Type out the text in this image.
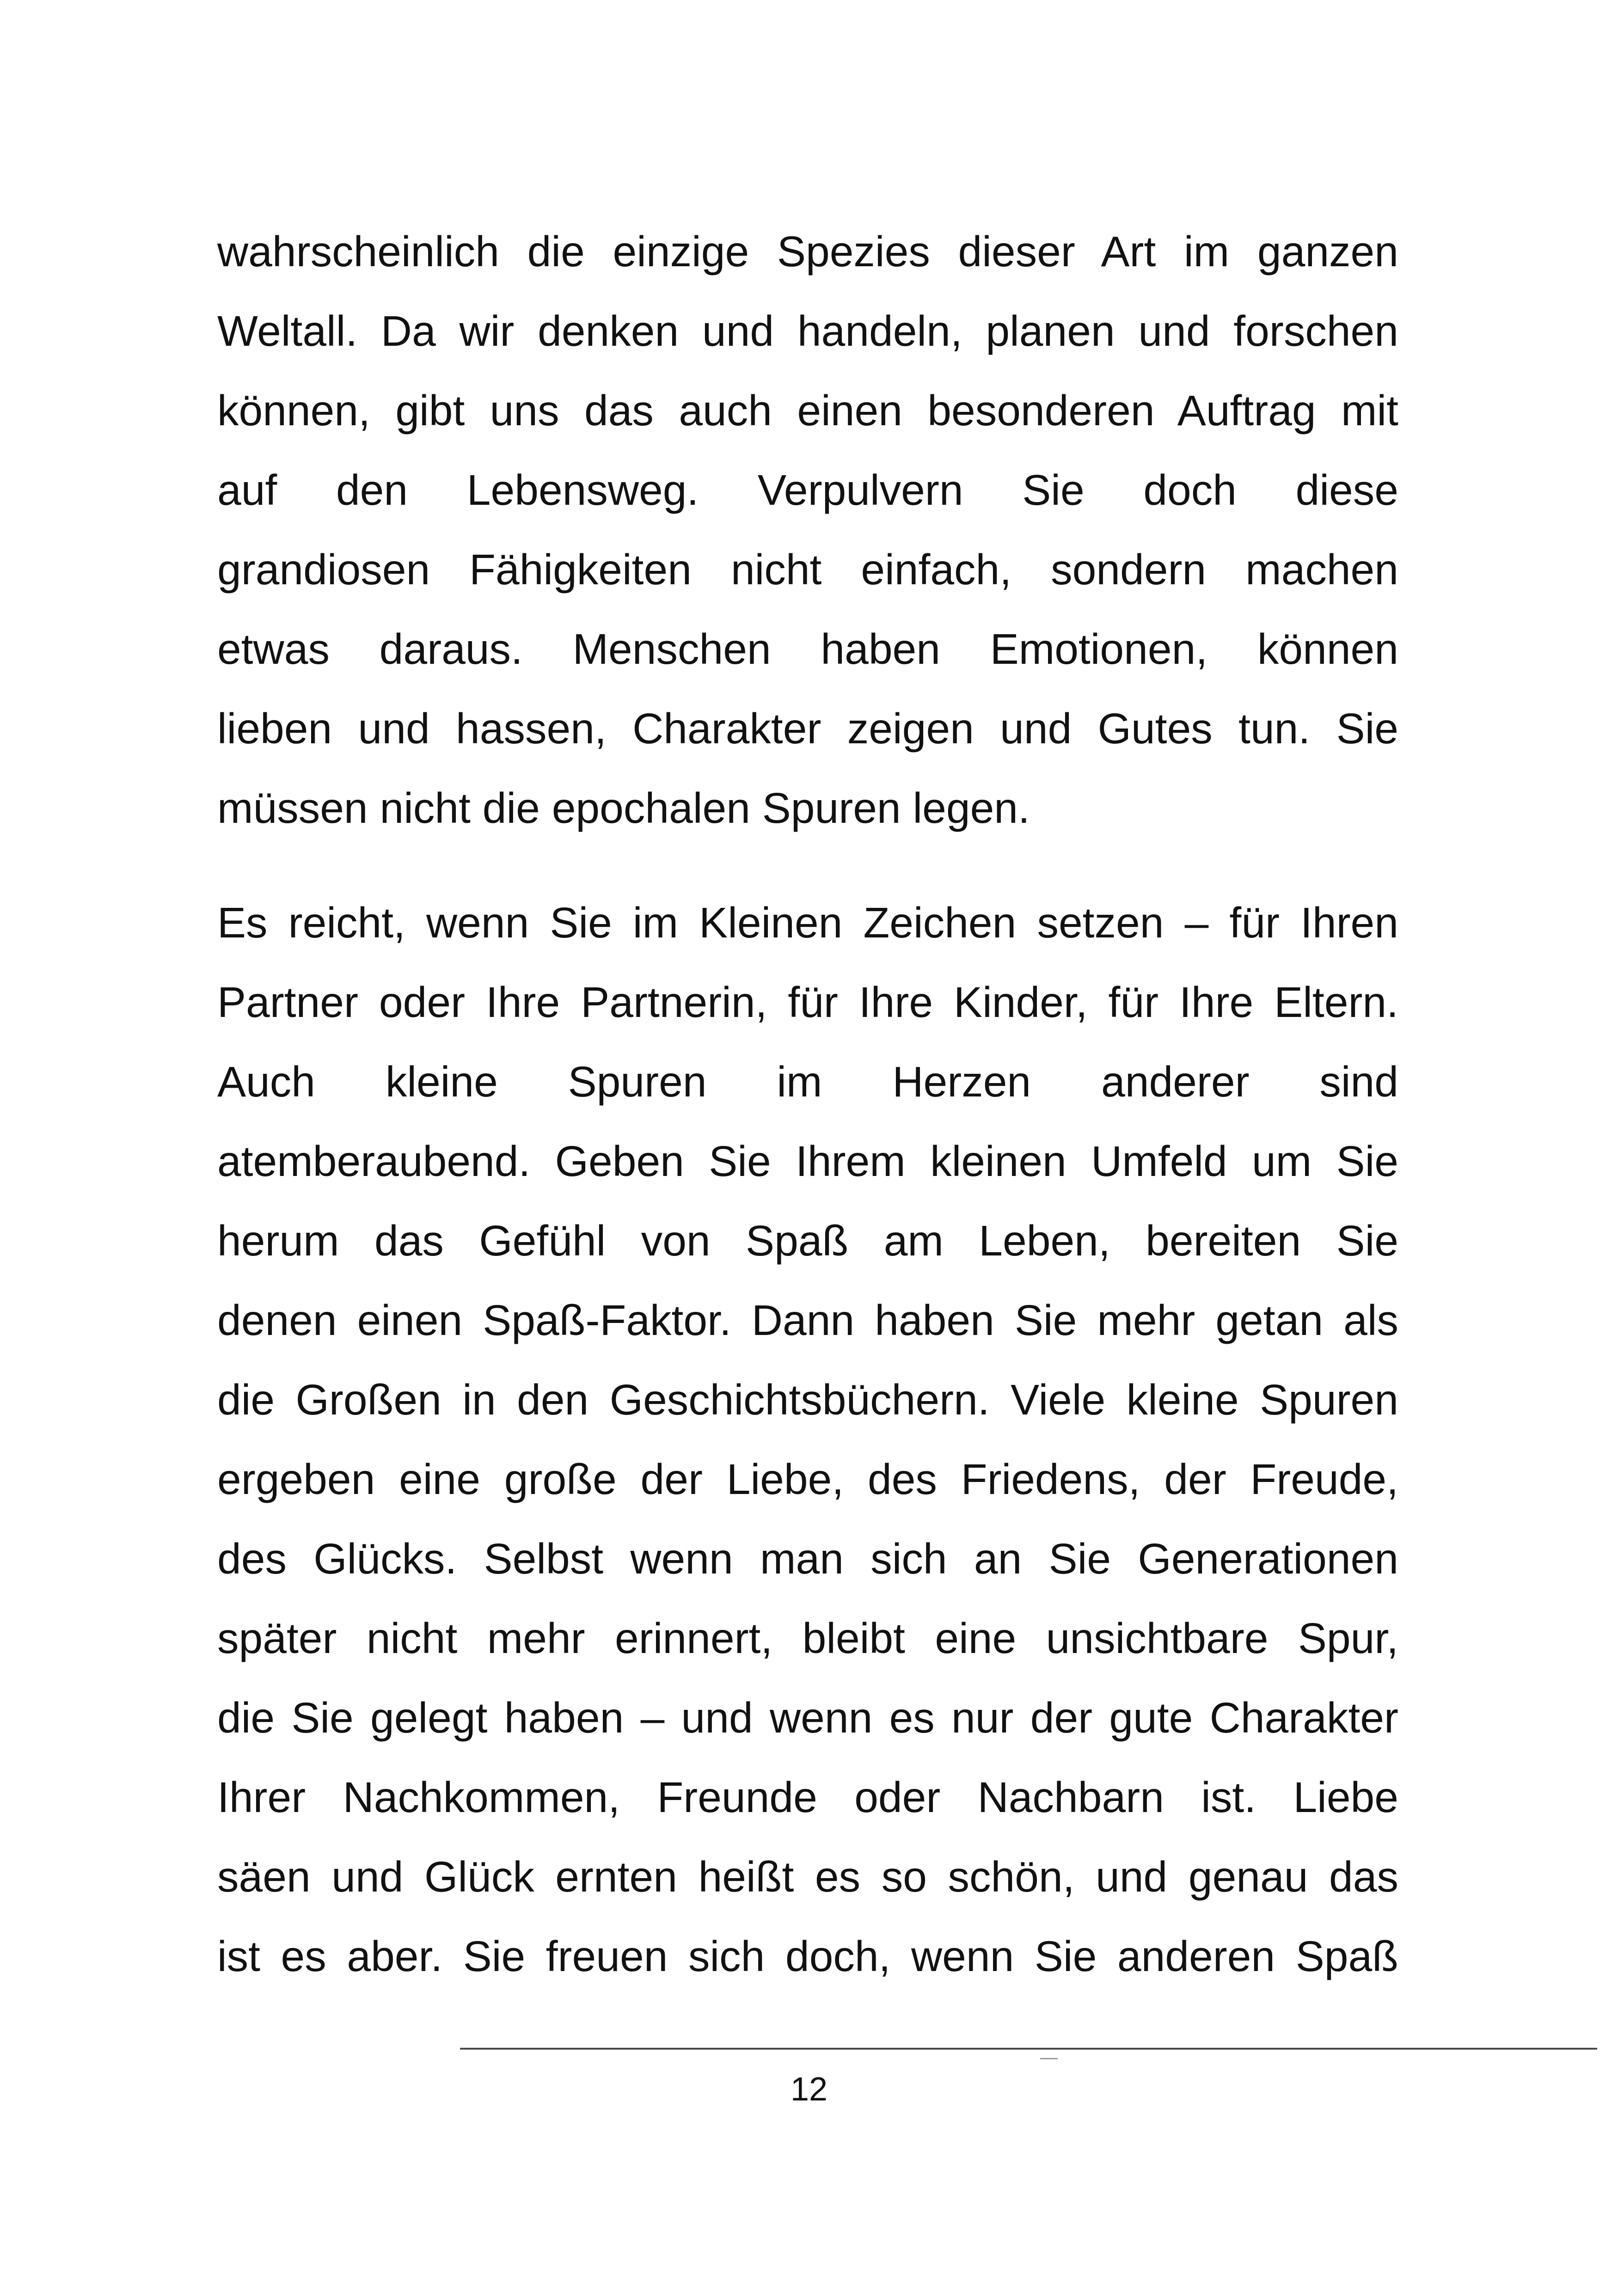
wahrscheinlich die einzige Spezies dieser Art im ganzen
Weltall. Da wir denken und handeln, planen und forschen
können, gibt uns das auch einen besonderen Auftrag mit
auf den Lebensweg. Verpulvern Sie doch diese
grandiosen Fähigkeiten nicht einfach, sondern machen
etwas daraus. Menschen haben Emotionen, können
lieben und hassen, Charakter zeigen und Gutes tun. Sie
müssen nicht die epochalen Spuren legen.
Es reicht, wenn Sie im Kleinen Zeichen setzen – für Ihren
Partner oder Ihre Partnerin, für Ihre Kinder, für Ihre Eltern.
Auch kleine Spuren im Herzen anderer sind
atemberaubend. Geben Sie Ihrem kleinen Umfeld um Sie
herum das Gefühl von Spaß am Leben, bereiten Sie
denen einen Spaß-Faktor. Dann haben Sie mehr getan als
die Großen in den Geschichtsbüchern. Viele kleine Spuren
ergeben eine große der Liebe, des Friedens, der Freude,
des Glücks. Selbst wenn man sich an Sie Generationen
später nicht mehr erinnert, bleibt eine unsichtbare Spur,
die Sie gelegt haben – und wenn es nur der gute Charakter
Ihrer Nachkommen, Freunde oder Nachbarn ist. Liebe
säen und Glück ernten heißt es so schön, und genau das
ist es aber. Sie freuen sich doch, wenn Sie anderen Spaß
12
